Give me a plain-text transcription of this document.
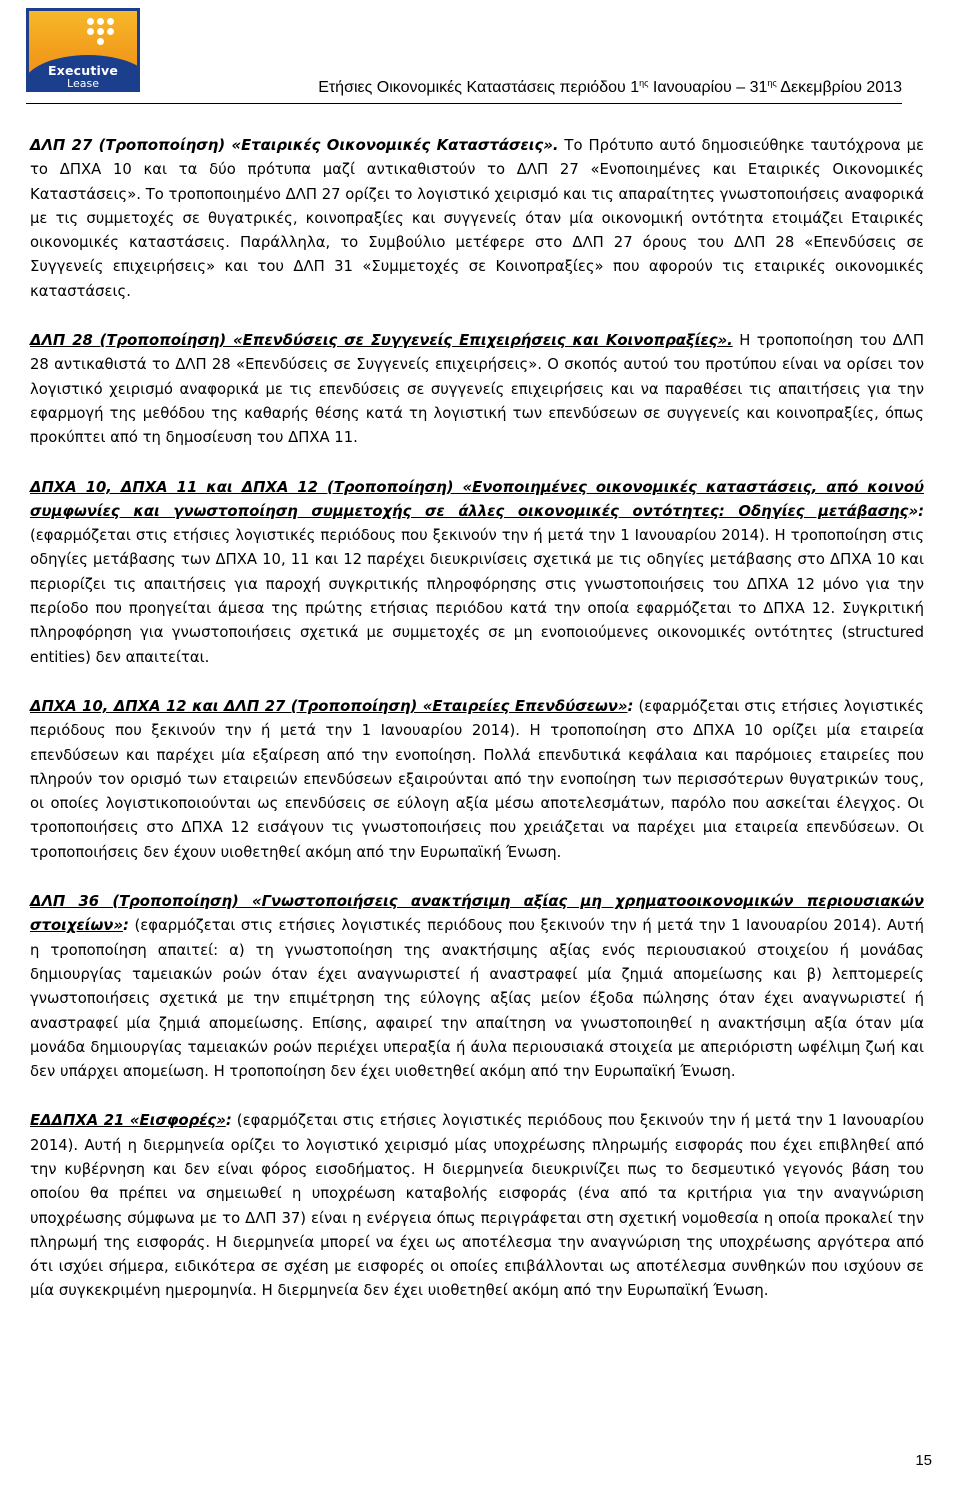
Executive
Lease	Ετήσιες Οικονομικές Καταστάσεις περιόδου $1^{\eta\varsigma}$ Ιανουαρίου – $31^{\eta\varsigma}$ Δεκεμβρίου 2013

ΔΛΠ 27 (Τροποποίηση) «Εταιρικές Οικονομικές Καταστάσεις». Το Πρότυπο αυτό δημοσιεύθηκε ταυτόχρονα με το ΔΠΧΑ 10 και τα δύο πρότυπα μαζί αντικαθιστούν το ΔΛΠ 27 «Ενοποιημένες και Εταιρικές Οικονομικές Καταστάσεις». Το τροποποιημένο ΔΛΠ 27 ορίζει το λογιστικό χειρισμό και τις απαραίτητες γνωστοποιήσεις αναφορικά με τις συμμετοχές σε θυγατρικές, κοινοπραξίες και συγγενείς όταν μία οικονομική οντότητα ετοιμάζει Εταιρικές οικονομικές καταστάσεις. Παράλληλα, το Συμβούλιο μετέφερε στο ΔΛΠ 27 όρους του ΔΛΠ 28 «Επενδύσεις σε Συγγενείς επιχειρήσεις» και του ΔΛΠ 31 «Συμμετοχές σε Κοινοπραξίες» που αφορούν τις εταιρικές οικονομικές καταστάσεις.

ΔΛΠ 28 (Τροποποίηση) «Επενδύσεις σε Συγγενείς Επιχειρήσεις και Κοινοπραξίες». Η τροποποίηση του ΔΛΠ 28 αντικαθιστά το ΔΛΠ 28 «Επενδύσεις σε Συγγενείς επιχειρήσεις». Ο σκοπός αυτού του προτύπου είναι να ορίσει τον λογιστικό χειρισμό αναφορικά με τις επενδύσεις σε συγγενείς επιχειρήσεις και να παραθέσει τις απαιτήσεις για την εφαρμογή της μεθόδου της καθαρής θέσης κατά τη λογιστική των επενδύσεων σε συγγενείς και κοινοπραξίες, όπως προκύπτει από τη δημοσίευση του ΔΠΧΑ 11.

ΔΠΧΑ 10, ΔΠΧΑ 11 και ΔΠΧΑ 12 (Τροποποίηση) «Ενοποιημένες οικονομικές καταστάσεις, από κοινού συμφωνίες και γνωστοποίηση συμμετοχής σε άλλες οικονομικές οντότητες: Οδηγίες μετάβασης»: (εφαρμόζεται στις ετήσιες λογιστικές περιόδους που ξεκινούν την ή μετά την 1 Ιανουαρίου 2014). Η τροποποίηση στις οδηγίες μετάβασης των ΔΠΧΑ 10, 11 και 12 παρέχει διευκρινίσεις σχετικά με τις οδηγίες μετάβασης στο ΔΠΧΑ 10 και περιορίζει τις απαιτήσεις για παροχή συγκριτικής πληροφόρησης στις γνωστοποιήσεις του ΔΠΧΑ 12 μόνο για την περίοδο που προηγείται άμεσα της πρώτης ετήσιας περιόδου κατά την οποία εφαρμόζεται το ΔΠΧΑ 12. Συγκριτική πληροφόρηση για γνωστοποιήσεις σχετικά με συμμετοχές σε μη ενοποιούμενες οικονομικές οντότητες (structured entities) δεν απαιτείται.

ΔΠΧΑ 10, ΔΠΧΑ 12 και ΔΛΠ 27 (Τροποποίηση) «Εταιρείες Επενδύσεων»: (εφαρμόζεται στις ετήσιες λογιστικές περιόδους που ξεκινούν την ή μετά την 1 Ιανουαρίου 2014). Η τροποποίηση στο ΔΠΧΑ 10 ορίζει μία εταιρεία επενδύσεων και παρέχει μία εξαίρεση από την ενοποίηση. Πολλά επενδυτικά κεφάλαια και παρόμοιες εταιρείες που πληρούν τον ορισμό των εταιρειών επενδύσεων εξαιρούνται από την ενοποίηση των περισσότερων θυγατρικών τους, οι οποίες λογιστικοποιούνται ως επενδύσεις σε εύλογη αξία μέσω αποτελεσμάτων, παρόλο που ασκείται έλεγχος. Οι τροποποιήσεις στο ΔΠΧΑ 12 εισάγουν τις γνωστοποιήσεις που χρειάζεται να παρέχει μια εταιρεία επενδύσεων. Οι τροποποιήσεις δεν έχουν υιοθετηθεί ακόμη από την Ευρωπαϊκή Ένωση.

ΔΛΠ 36 (Τροποποίηση) «Γνωστοποιήσεις ανακτήσιμη αξίας μη χρηματοοικονομικών περιουσιακών στοιχείων»: (εφαρμόζεται στις ετήσιες λογιστικές περιόδους που ξεκινούν την ή μετά την 1 Ιανουαρίου 2014). Αυτή η τροποποίηση απαιτεί: α) τη γνωστοποίηση της ανακτήσιμης αξίας ενός περιουσιακού στοιχείου ή μονάδας δημιουργίας ταμειακών ροών όταν έχει αναγνωριστεί ή αναστραφεί μία ζημιά απομείωσης και β) λεπτομερείς γνωστοποιήσεις σχετικά με την επιμέτρηση της εύλογης αξίας μείον έξοδα πώλησης όταν έχει αναγνωριστεί ή αναστραφεί μία ζημιά απομείωσης. Επίσης, αφαιρεί την απαίτηση να γνωστοποιηθεί η ανακτήσιμη αξία όταν μία μονάδα δημιουργίας ταμειακών ροών περιέχει υπεραξία ή άυλα περιουσιακά στοιχεία με απεριόριστη ωφέλιμη ζωή και δεν υπάρχει απομείωση. Η τροποποίηση δεν έχει υιοθετηθεί ακόμη από την Ευρωπαϊκή Ένωση.

ΕΔΔΠΧΑ 21 «Εισφορές»: (εφαρμόζεται στις ετήσιες λογιστικές περιόδους που ξεκινούν την ή μετά την 1 Ιανουαρίου 2014). Αυτή η διερμηνεία ορίζει το λογιστικό χειρισμό μίας υποχρέωσης πληρωμής εισφοράς που έχει επιβληθεί από την κυβέρνηση και δεν είναι φόρος εισοδήματος. Η διερμηνεία διευκρινίζει πως το δεσμευτικό γεγονός βάση του οποίου θα πρέπει να σημειωθεί η υποχρέωση καταβολής εισφοράς (ένα από τα κριτήρια για την αναγνώριση υποχρέωσης σύμφωνα με το ΔΛΠ 37) είναι η ενέργεια όπως περιγράφεται στη σχετική νομοθεσία η οποία προκαλεί την πληρωμή της εισφοράς. Η διερμηνεία μπορεί να έχει ως αποτέλεσμα την αναγνώριση της υποχρέωσης αργότερα από ότι ισχύει σήμερα, ειδικότερα σε σχέση με εισφορές οι οποίες επιβάλλονται ως αποτέλεσμα συνθηκών που ισχύουν σε μία συγκεκριμένη ημερομηνία. Η διερμηνεία δεν έχει υιοθετηθεί ακόμη από την Ευρωπαϊκή Ένωση.

15
